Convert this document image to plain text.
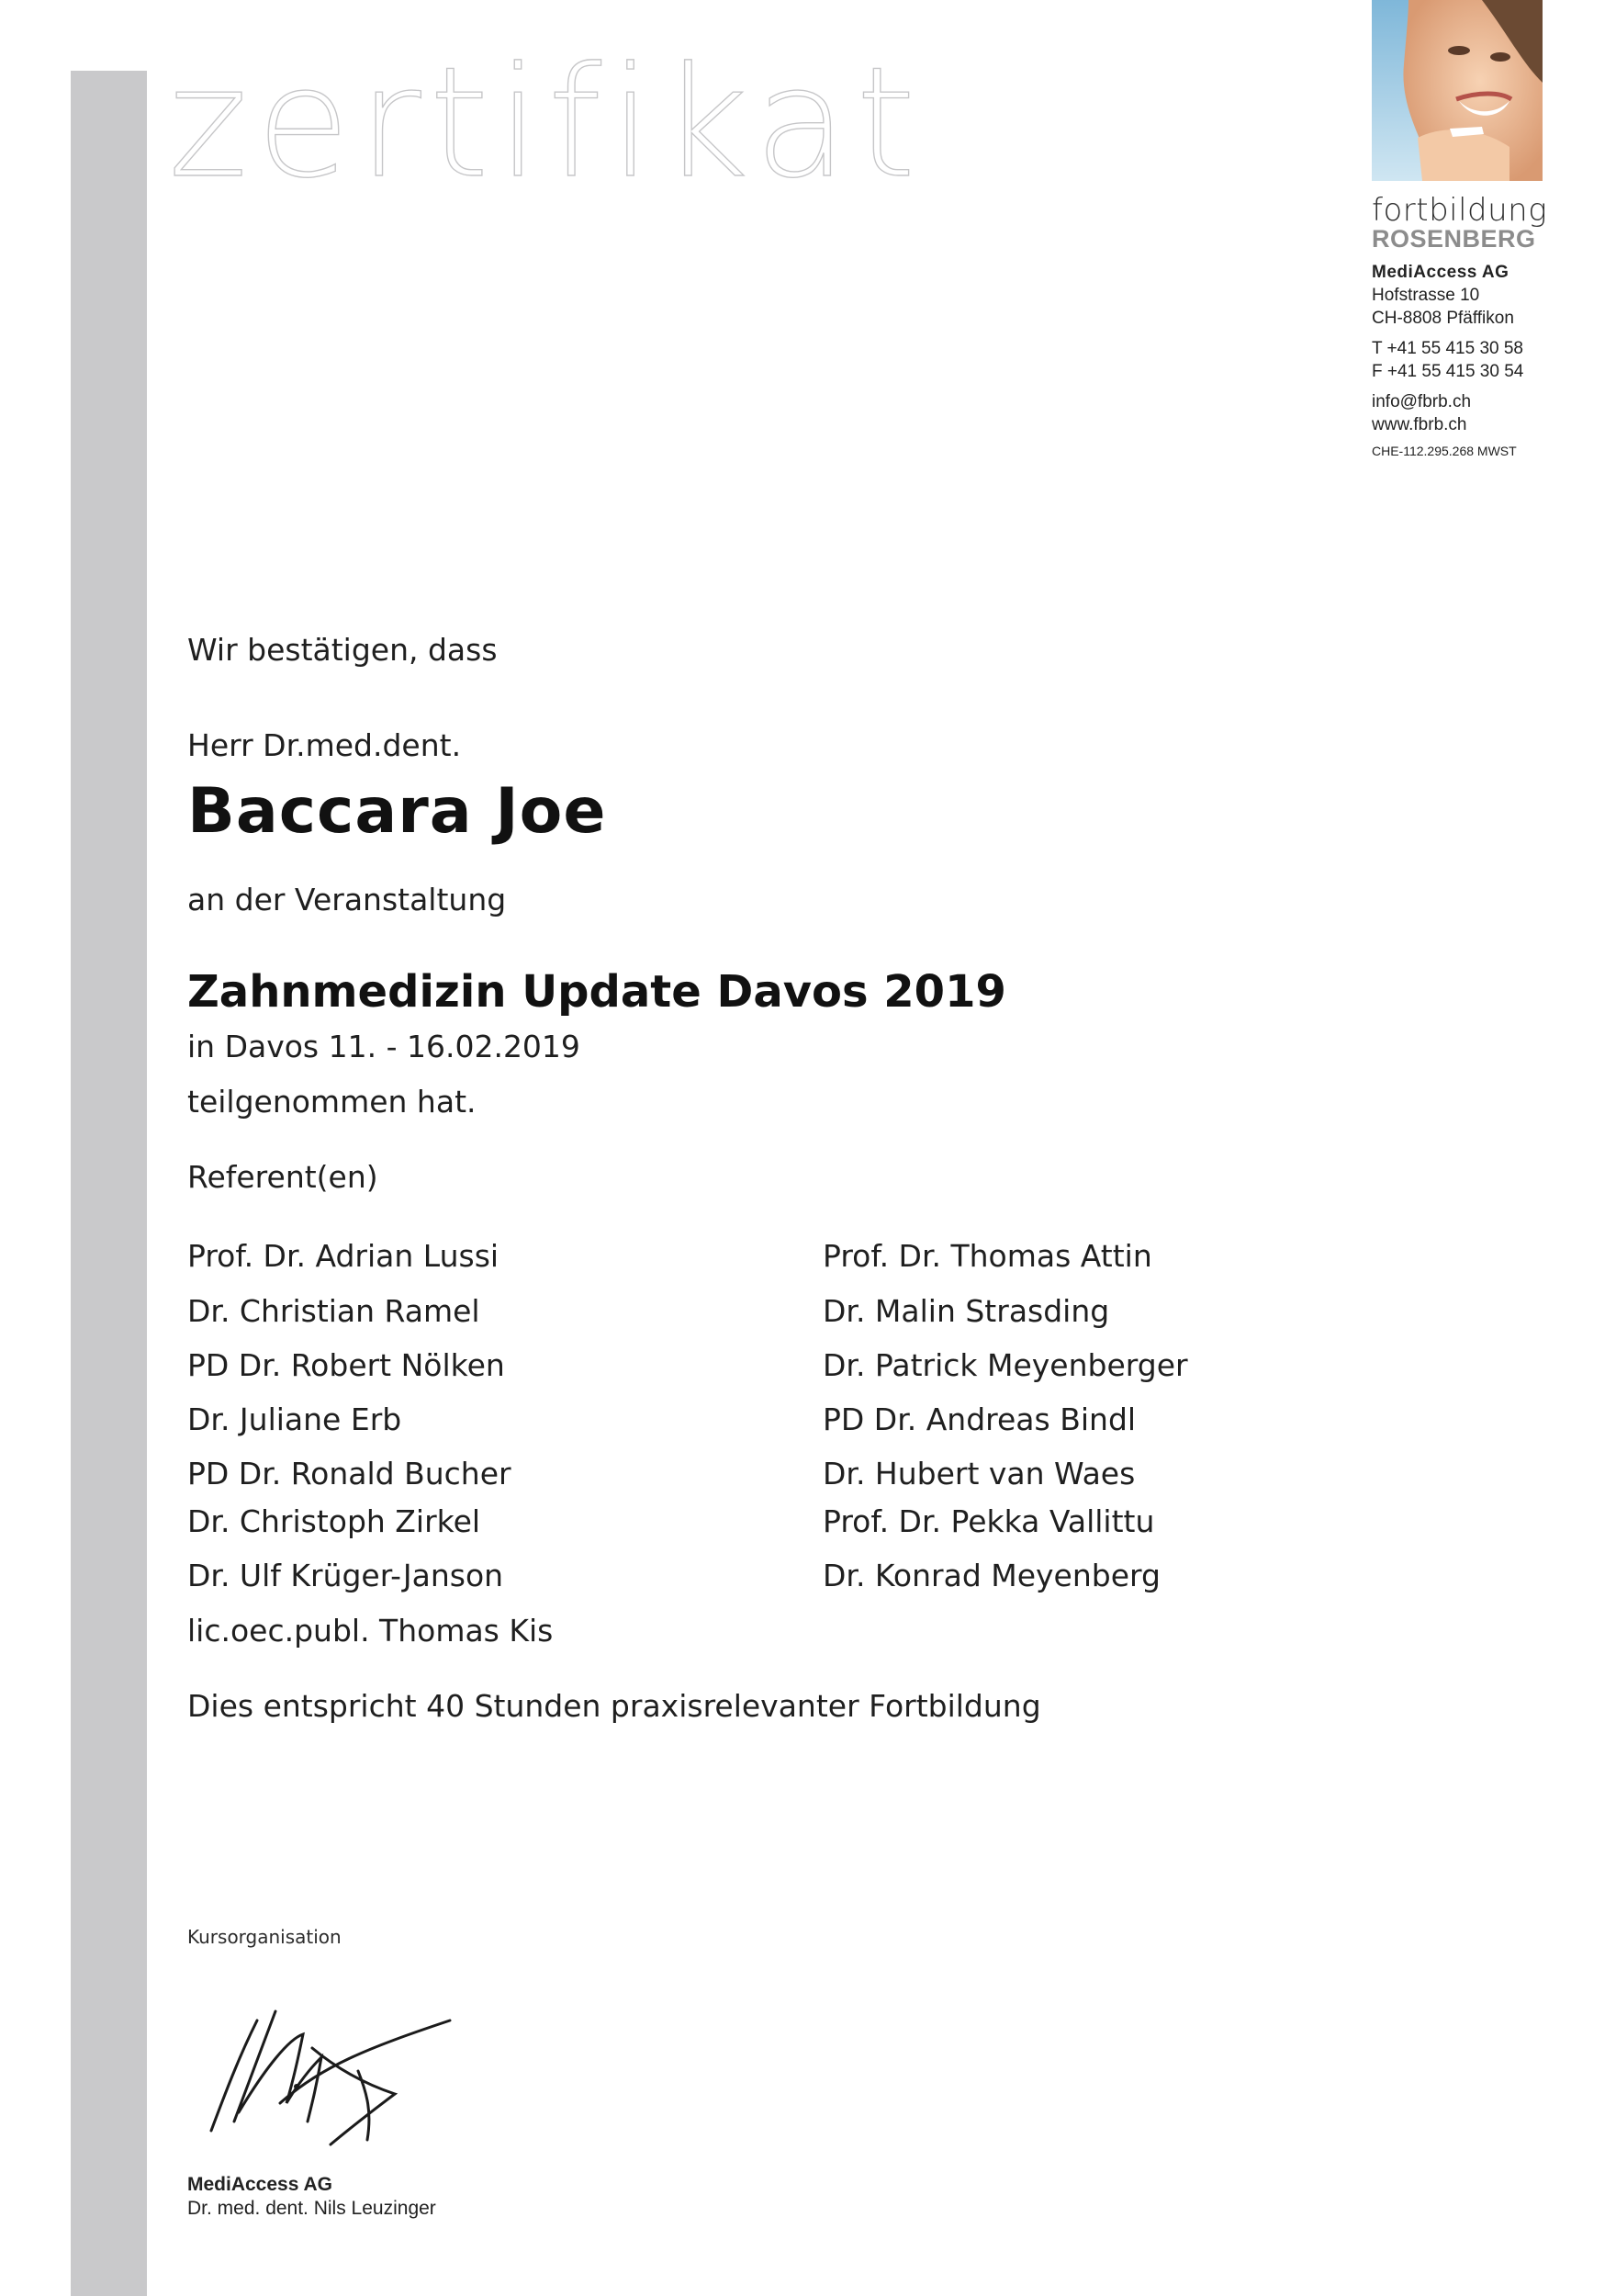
zertifikat	fortbildung
ROSENBERG
MediAccess AG
Hofstrasse 10
CH-8808 Pfäffikon
T +41 55 415 30 58
F +41 55 415 30 54
info@fbrb.ch
www.fbrb.ch
CHE-112.295.268 MWST
Wir bestätigen, dass
Herr Dr.med.dent.
Baccara Joe
an der Veranstaltung
Zahnmedizin Update Davos 2019
in Davos 11. - 16.02.2019
teilgenommen hat.
Referent(en)
Prof. Dr. Adrian Lussi
Dr. Christian Ramel
PD Dr. Robert Nölken
Dr. Juliane Erb
PD Dr. Ronald Bucher
Dr. Christoph Zirkel
Dr. Ulf Krüger-Janson
lic.oec.publ. Thomas Kis
Prof. Dr. Thomas Attin
Dr. Malin Strasding
Dr. Patrick Meyenberger
PD Dr. Andreas Bindl
Dr. Hubert van Waes
Prof. Dr. Pekka Vallittu
Dr. Konrad Meyenberg
Dies entspricht 40 Stunden praxisrelevanter Fortbildung
Kursorganisation
MediAccess AG
Dr. med. dent. Nils Leuzinger
